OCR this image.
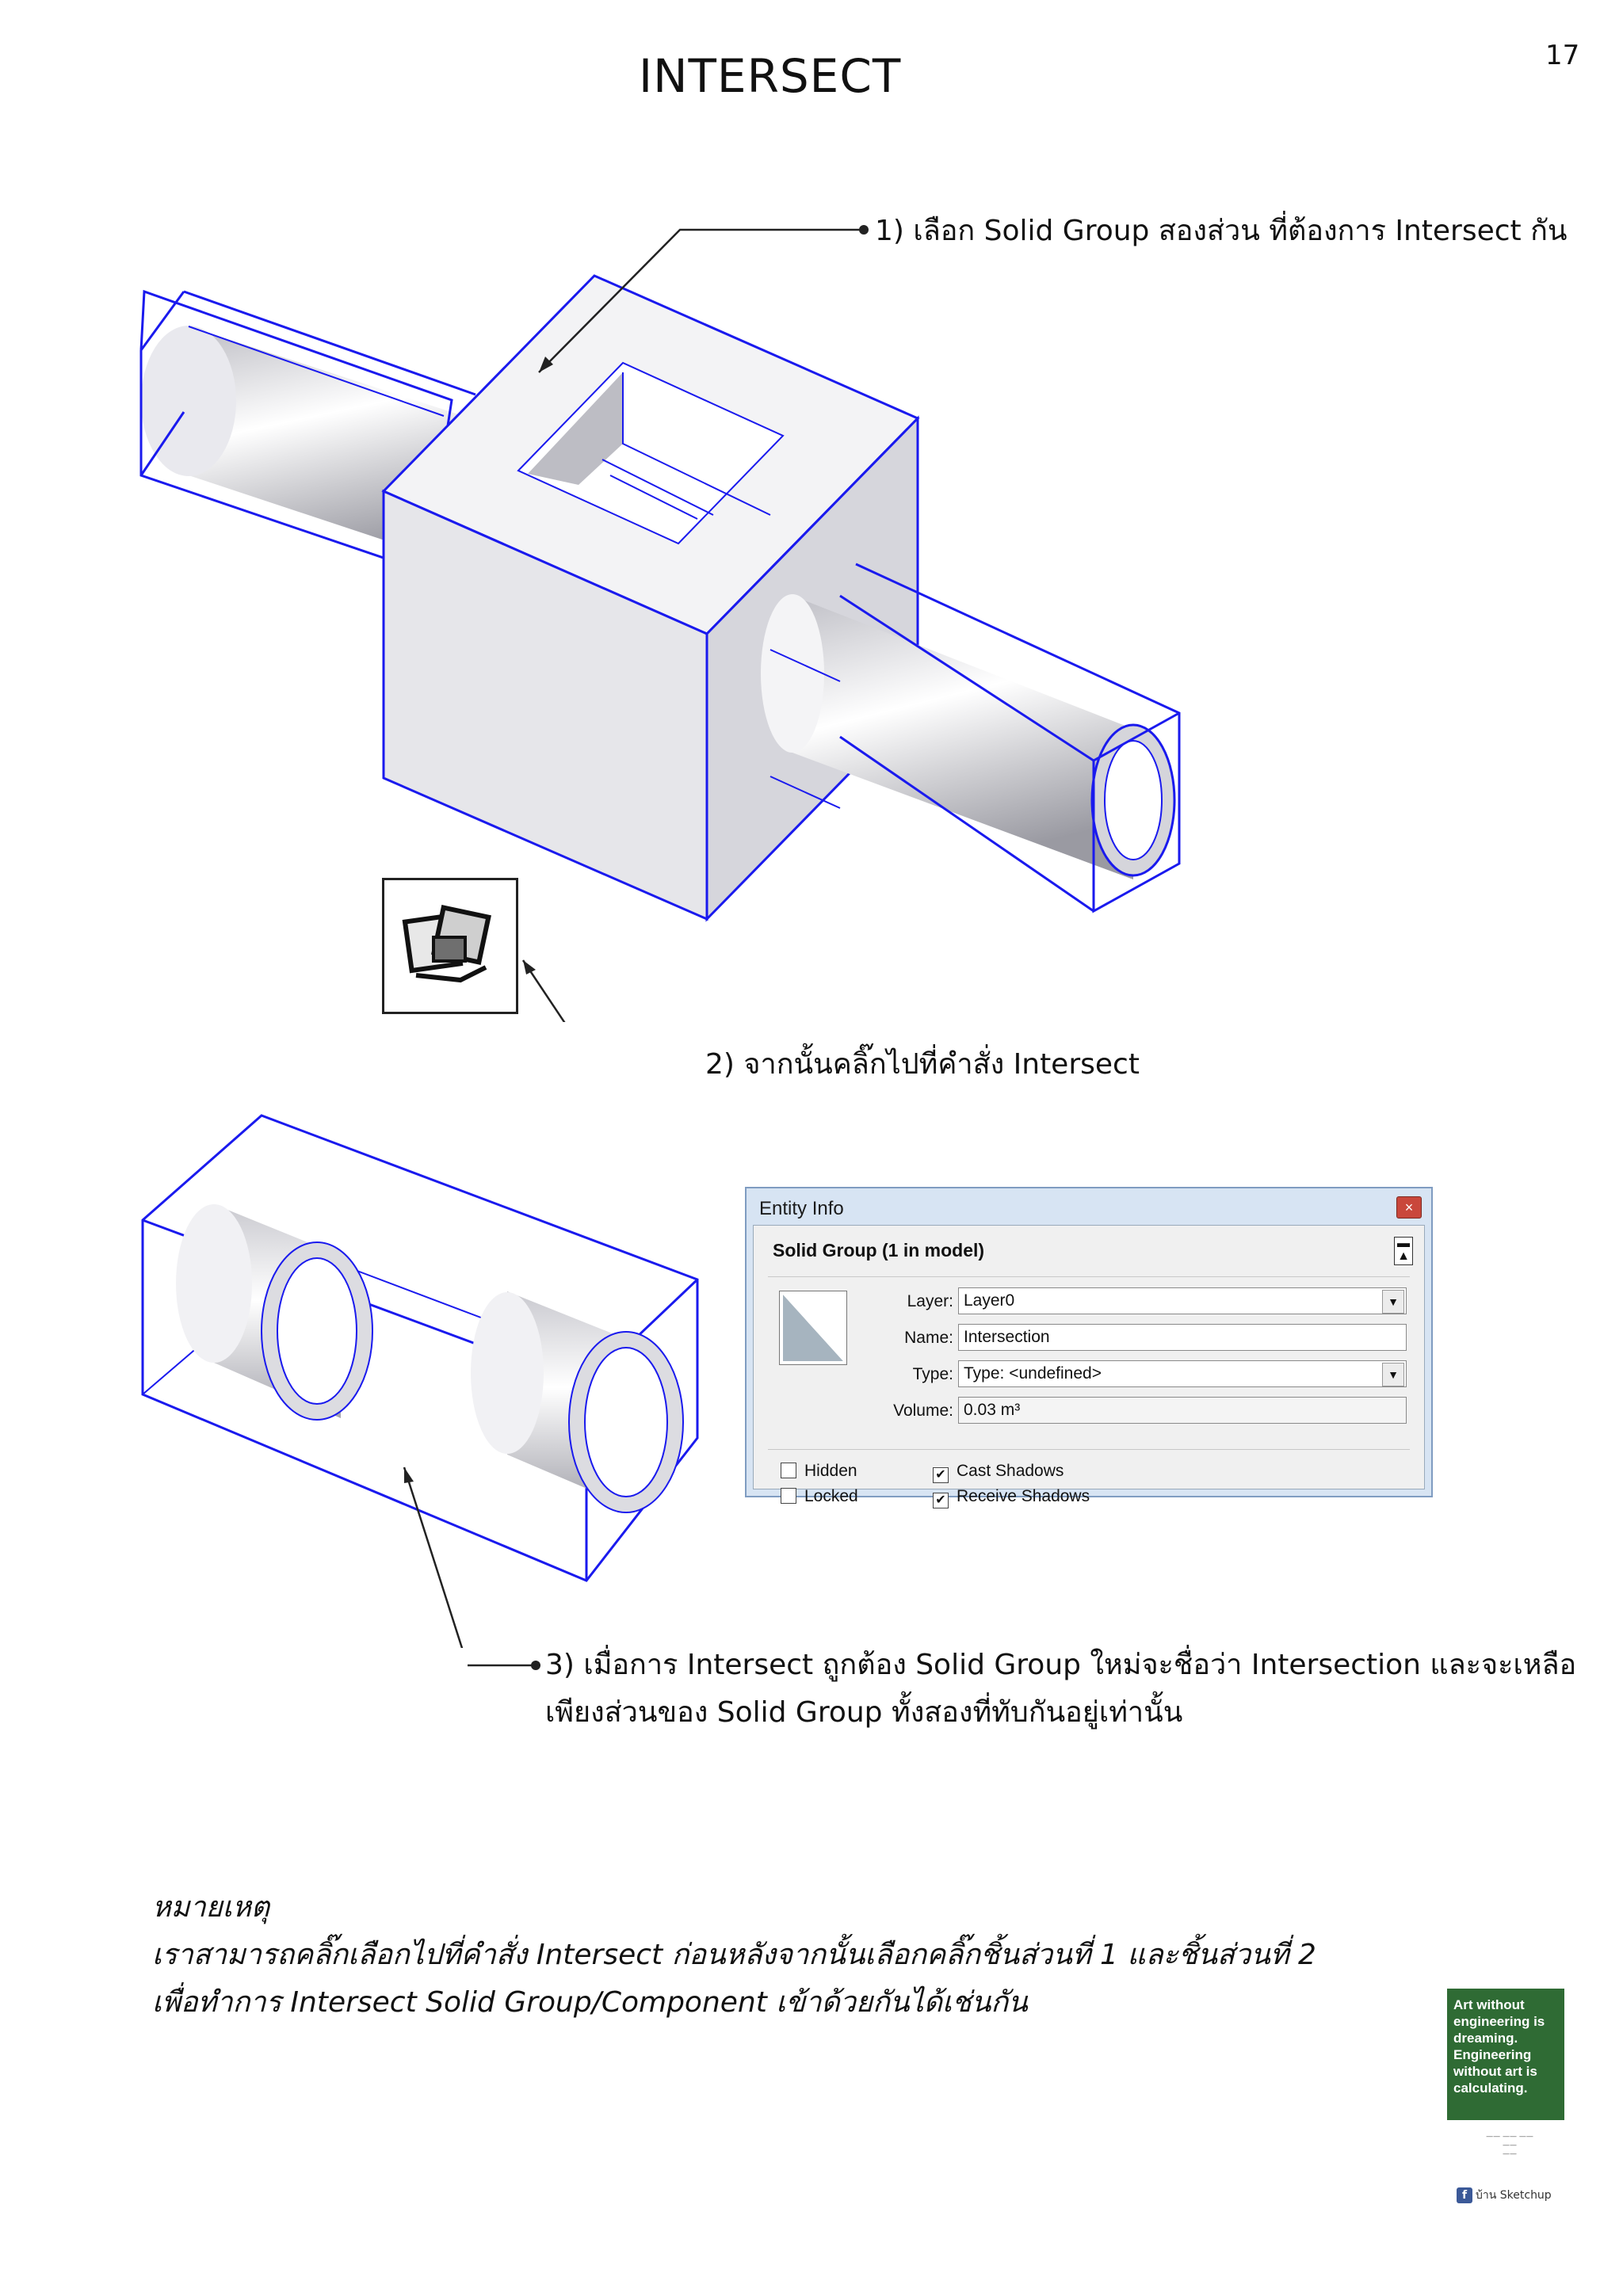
INTERSECT	17
1) เลือก Solid Group สองส่วน ที่ต้องการ Intersect กัน
2) จากนั้นคลิ๊กไปที่คำสั่ง Intersect
Entity Info	×
Solid Group (1 in model)	▬
▲
Layer: Layer0	▼
Name: Intersection
Type: Type: <undefined>	▼
Volume: 0.03 m³
Hidden
Locked
✔ Cast Shadows
✔ Receive Shadows
3) เมื่อการ Intersect ถูกต้อง Solid Group ใหม่จะชื่อว่า Intersection และจะเหลือ
เพียงส่วนของ Solid Group ทั้งสองที่ทับกันอยู่เท่านั้น
หมายเหตุ
เราสามารถคลิ๊กเลือกไปที่คำสั่ง Intersect ก่อนหลังจากนั้นเลือกคลิ๊กชิ้นส่วนที่ 1 และชิ้นส่วนที่ 2
เพื่อทำการ Intersect Solid Group/Component เข้าด้วยกันได้เช่นกัน	Art without
engineering is
dreaming.
Engineering
without art is
calculating.
—— —— ——
——
——
f บ้าน Sketchup
